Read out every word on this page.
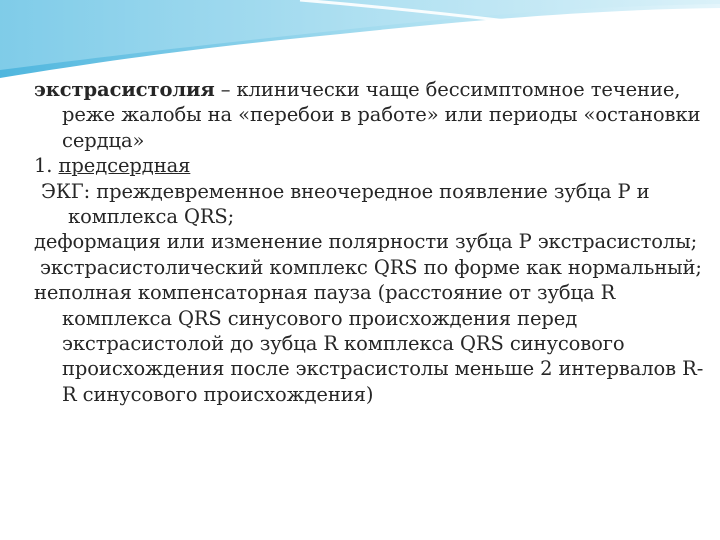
экстрасистолия – клинически чаще бессимптомное течение, реже жалобы на «перебои в работе» или периоды «остановки сердца»

1. предсердная

ЭКГ: преждевременное внеочередное появление зубца Р и комплекса QRS;

деформация или изменение полярности зубца Р экстрасистолы;

экстрасистолический комплекс QRS по форме как нормальный;

неполная компенсаторная пауза (расстояние от зубца R комплекса QRS синусового происхождения перед экстрасистолой до зубца R комплекса QRS синусового происхождения после экстрасистолы меньше 2 интервалов R-R синусового происхождения)
